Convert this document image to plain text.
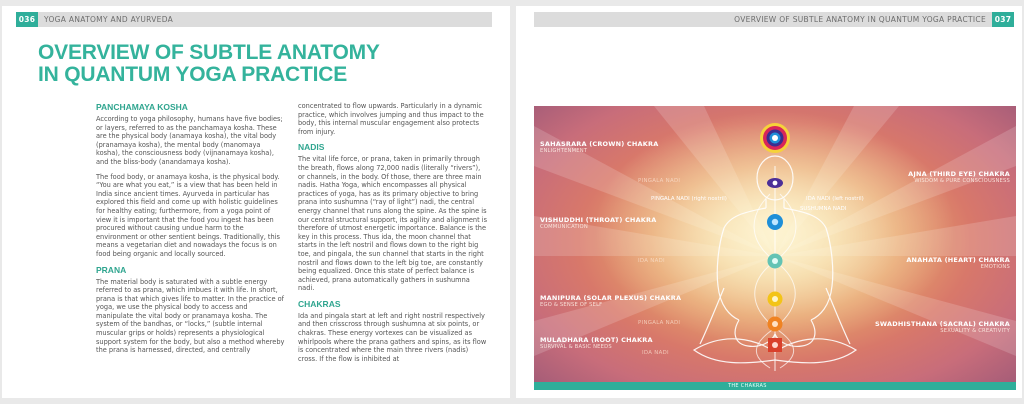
036	YOGA ANATOMY AND AYURVEDA
OVERVIEW OF SUBTLE ANATOMY
IN QUANTUM YOGA PRACTICE
PANCHAMAYA KOSHA

According to yoga philosophy, humans have five bodies; or layers, referred to as the panchamaya kosha. These are the physical body (anamaya kosha), the vital body (pranamaya kosha), the mental body (manomaya kosha), the consciousness body (vijnanamaya kosha), and the bliss-body (anandamaya kosha).

The food body, or anamaya kosha, is the physical body. “You are what you eat,” is a view that has been held in India since ancient times. Ayurveda in particular has explored this field and come up with holistic guidelines for healthy eating; furthermore, from a yoga point of view it is important that the food you ingest has been procured without causing undue harm to the environment or other sentient beings. Traditionally, this means a vegetarian diet and nowadays the focus is on food being organic and locally sourced.

PRANA

The material body is saturated with a subtle energy referred to as prana, which imbues it with life. In short, prana is that which gives life to matter. In the practice of yoga, we use the physical body to access and manipulate the vital body or pranamaya kosha. The system of the bandhas, or “locks,” (subtle internal muscular grips or holds) represents a physiological support system for the body, but also a method whereby the prana is harnessed, directed, and centrally

concentrated to flow upwards. Particularly in a dynamic practice, which involves jumping and thus impact to the body, this internal muscular engagement also protects from injury.

NADIS

The vital life force, or prana, taken in primarily through the breath, flows along 72,000 nadis (literally “rivers”), or channels, in the body. Of those, there are three main nadis. Hatha Yoga, which encompasses all physical practices of yoga, has as its primary objective to bring prana into sushumna (“ray of light”) nadi, the central energy channel that runs along the spine. As the spine is our central structural support, its agility and alignment is therefore of utmost energetic importance. Balance is the key in this process. Thus ida, the moon channel that starts in the left nostril and flows down to the right big toe, and pingala, the sun channel that starts in the right nostril and flows down to the left big toe, are constantly being equalized. Once this state of perfect balance is achieved, prana automatically gathers in sushumna nadi.

CHAKRAS

Ida and pingala start at left and right nostril respectively and then crisscross through sushumna at six points, or chakras. These energy vortexes can be visualized as whirlpools where the prana gathers and spins, as its flow is concentrated where the main three rivers (nadis) cross. If the flow is inhibited at

OVERVIEW OF SUBTLE ANATOMY IN QUANTUM YOGA PRACTICE	037
SAHASRARA (CROWN) CHAKRA
ENLIGHTENMENT
VISHUDDHI (THROAT) CHAKRA
COMMUNICATION
MANIPURA (SOLAR PLEXUS) CHAKRA
EGO & SENSE OF SELF
MULADHARA (ROOT) CHAKRA
SURVIVAL & BASIC NEEDS
AJNA (THIRD EYE) CHAKRA
WISDOM & PURE CONSCIOUSNESS
ANAHATA (HEART) CHAKRA
EMOTIONS
SWADHISTHANA (SACRAL) CHAKRA
SEXUALITY & CREATIVITY
PINGALA NADI
PINGALA NADI (right nostril)	IDA NADI (left nostril)
SUSHUMNA NADI
IDA NADI
PINGALA NADI
IDA NADI
THE CHAKRAS
